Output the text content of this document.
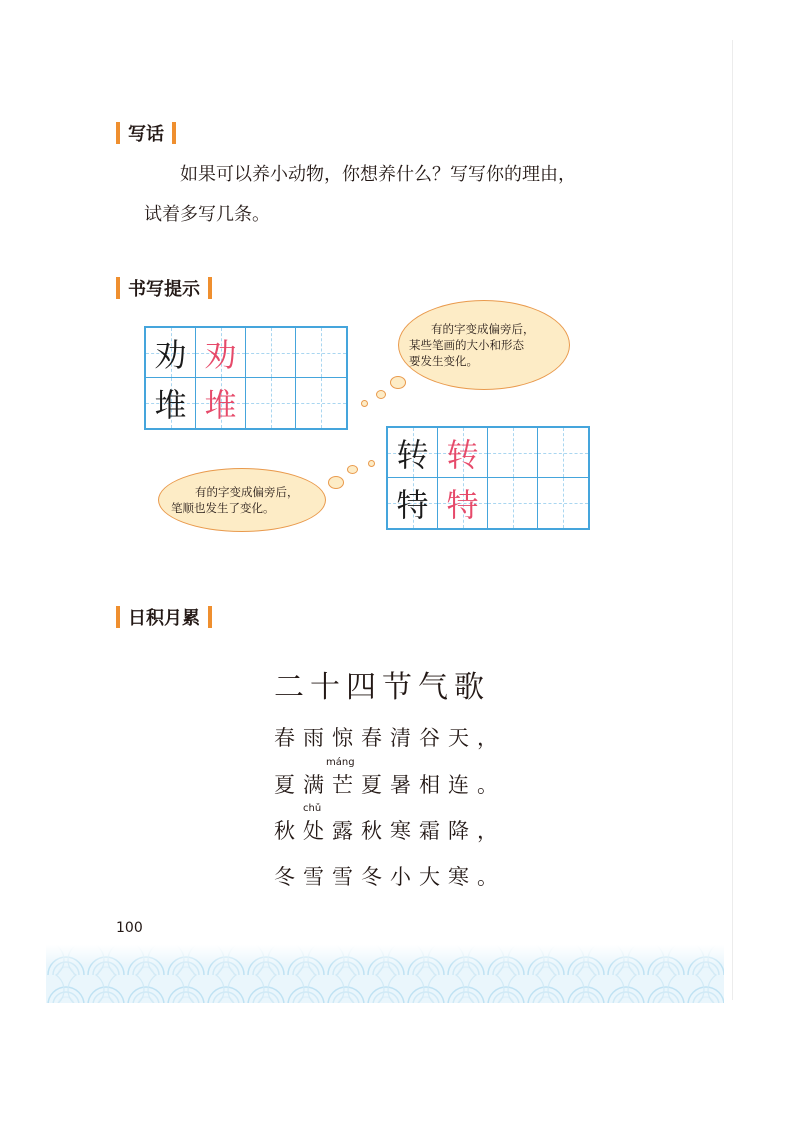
写话
如果可以养小动物，你想养什么？写写你的理由，
试着多写几条。
书写提示
劝 劝
堆 堆
转 转
特 特
有的字变成偏旁后，
某些笔画的大小和形态
要发生变化。
有的字变成偏旁后，
笔顺也发生了变化。
日积月累
二十四节气歌
春雨惊春清谷天，
máng
夏满芒夏暑相连。
chǔ
秋处露秋寒霜降，
冬雪雪冬小大寒。
100
